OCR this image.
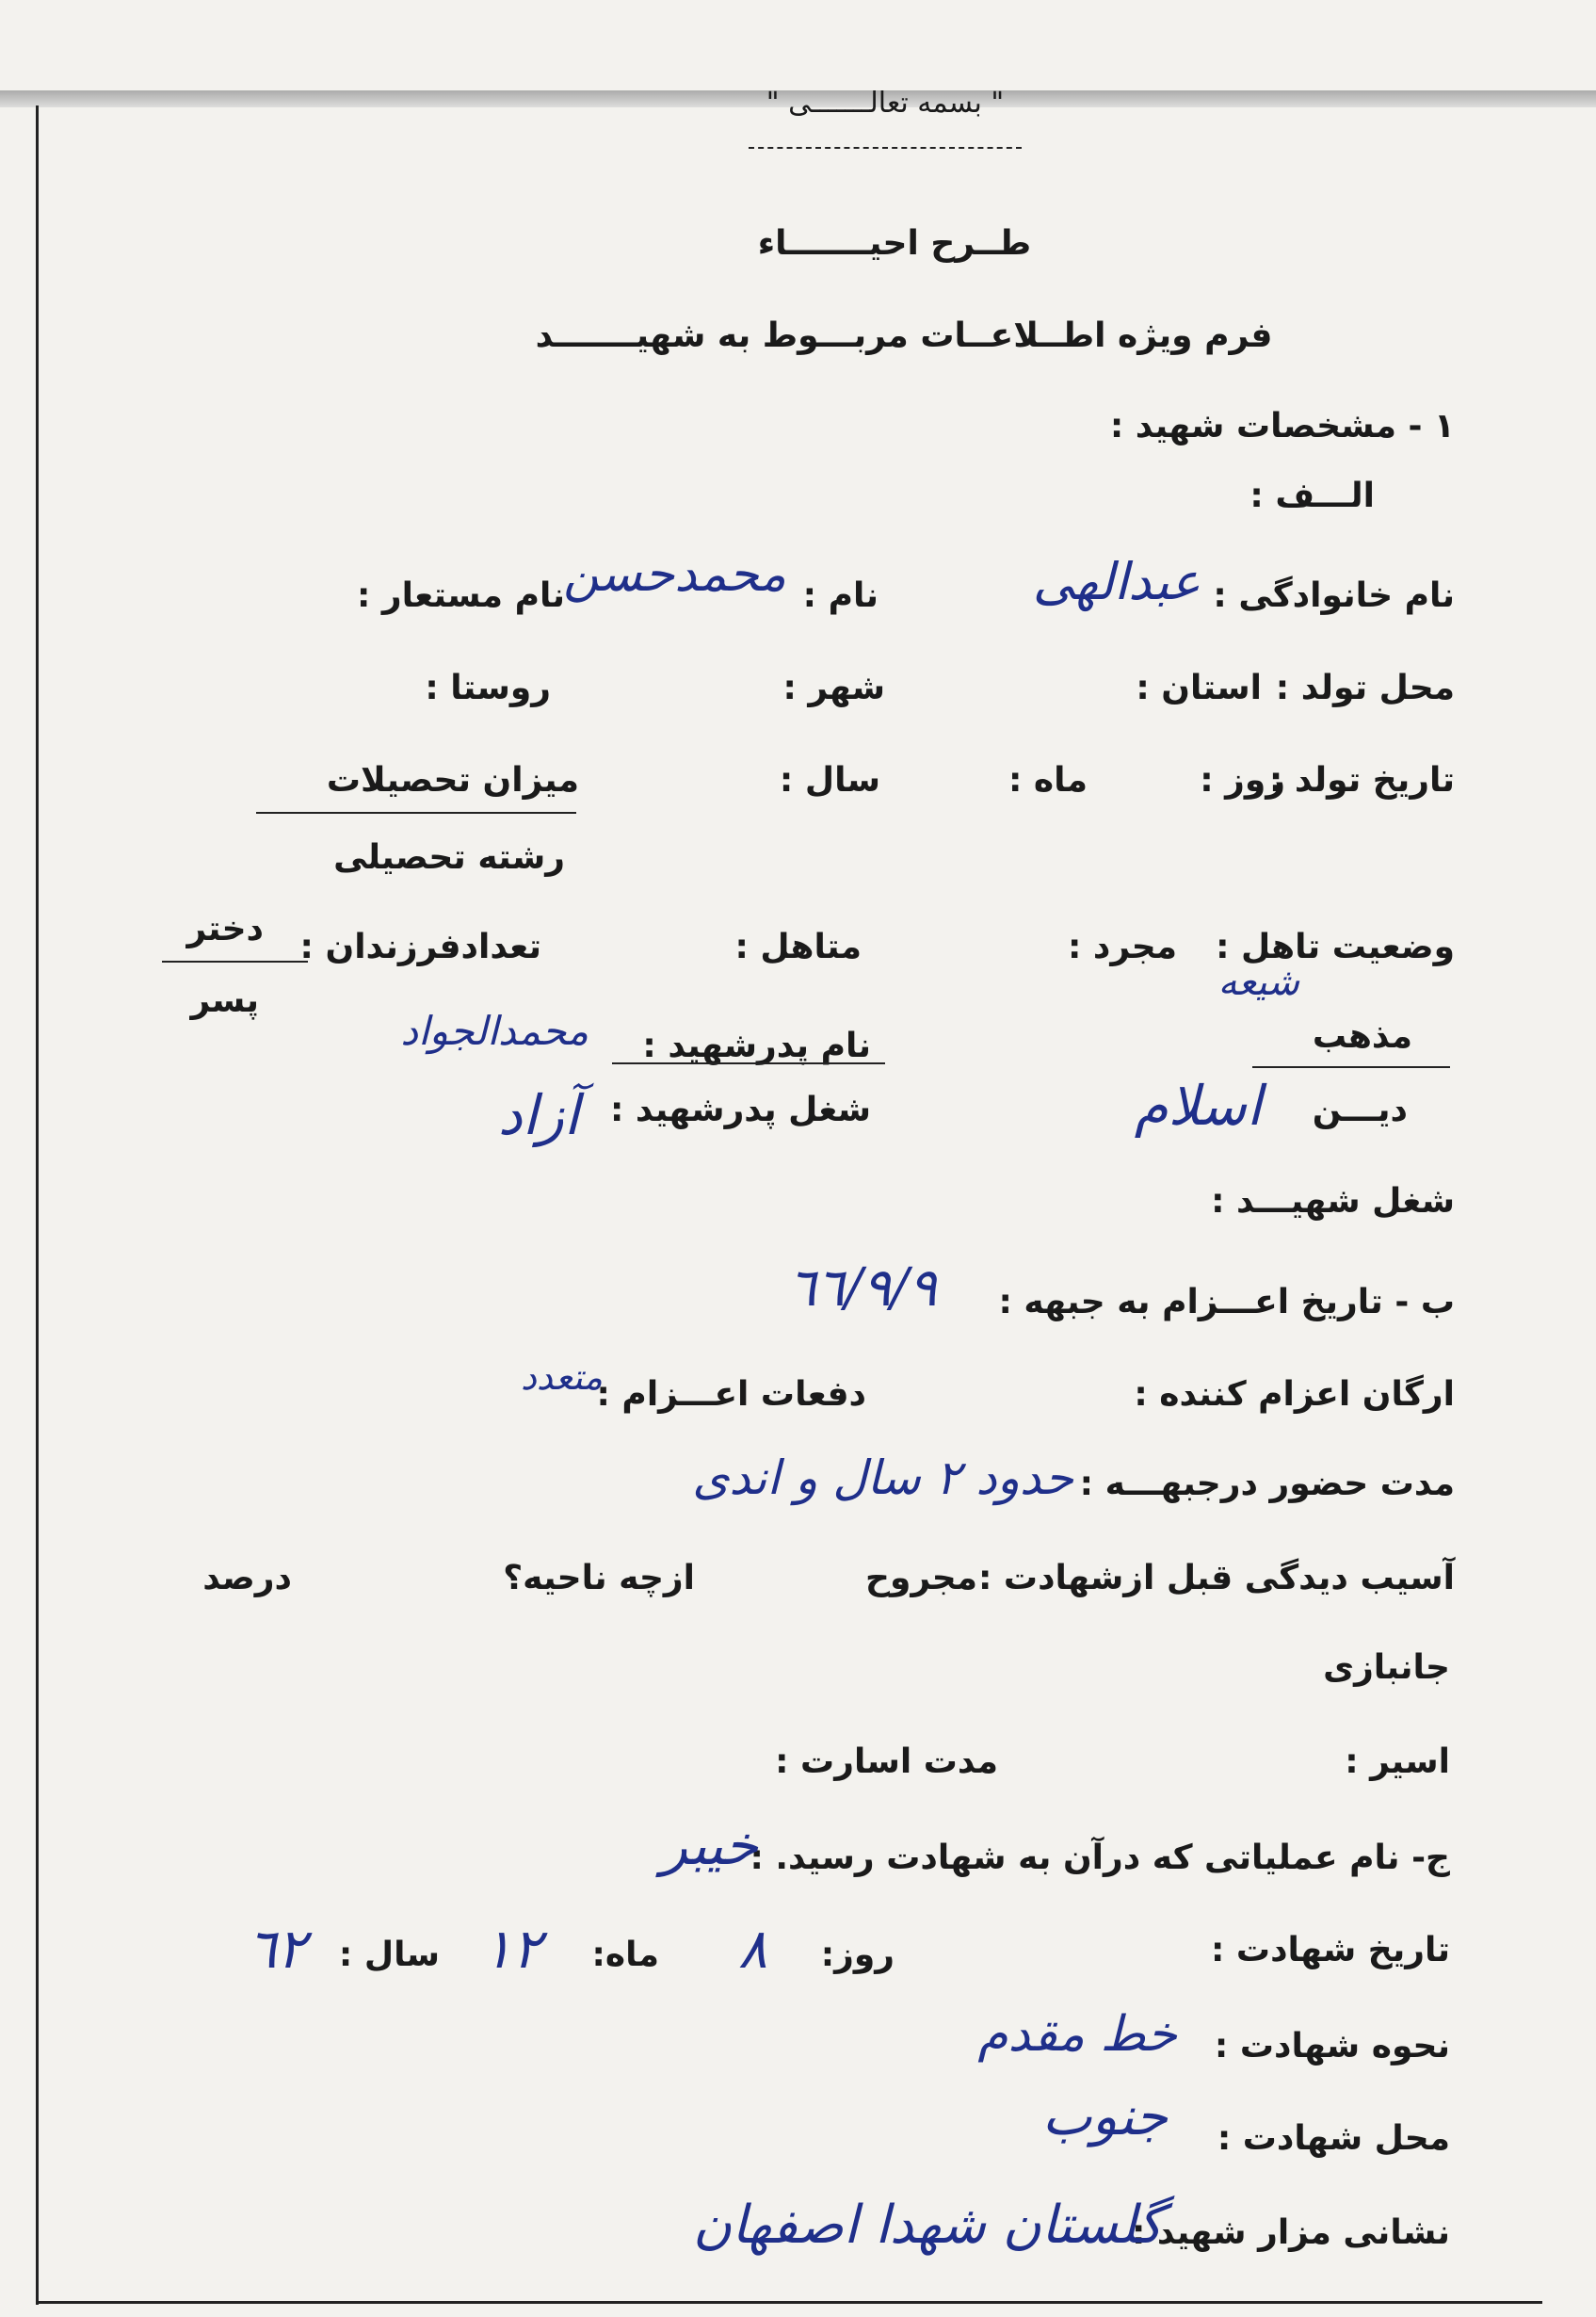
" بسمه تعالـــــــى "
طــرح احيـــــــاء
فرم ویژه اطــلاعــات مربـــوط به شهيـــــــد
١ - مشخصات شهيد :
الـــف :
نام خانوادگی :
عبدالهی
نام :
محمدحسن
نام مستعار :
محل تولد :
استان :
شهر :
روستا :
تاريخ تولد :
روز :
ماه :
سال :
ميزان تحصيلات
رشته تحصيلی
وضعيت تاهل :
مجرد :
متاهل :
تعدادفرزندان :
دختر
پسر	شیعه
مذهب
نام پدرشهيد :
محمدالجواد
ديـــن
اسلام
شغل پدرشهيد :
آزاد
شغل شهيـــد :
ب - تاريخ اعـــزام به جبهه :
٦٦/٩/٩
ارگان اعزام كننده :
دفعات اعـــزام :
متعدد
مدت حضور درجبهـــه :
حدود ۲ سال و اندی
آسيب ديدگی قبل ازشهادت :
مجروح
ازچه ناحيه؟
درصد
جانبازی
اسير :
مدت اسارت :
ج- نام عملياتی كه درآن به شهادت رسيد. :
خیبر
تاريخ شهادت :
روز:
٨
ماه:
١٢
سال :
٦٢
نحوه شهادت :
خط مقدم
محل شهادت :
جنوب
نشانی مزار شهيد :
گلستان شهدا اصفهان
